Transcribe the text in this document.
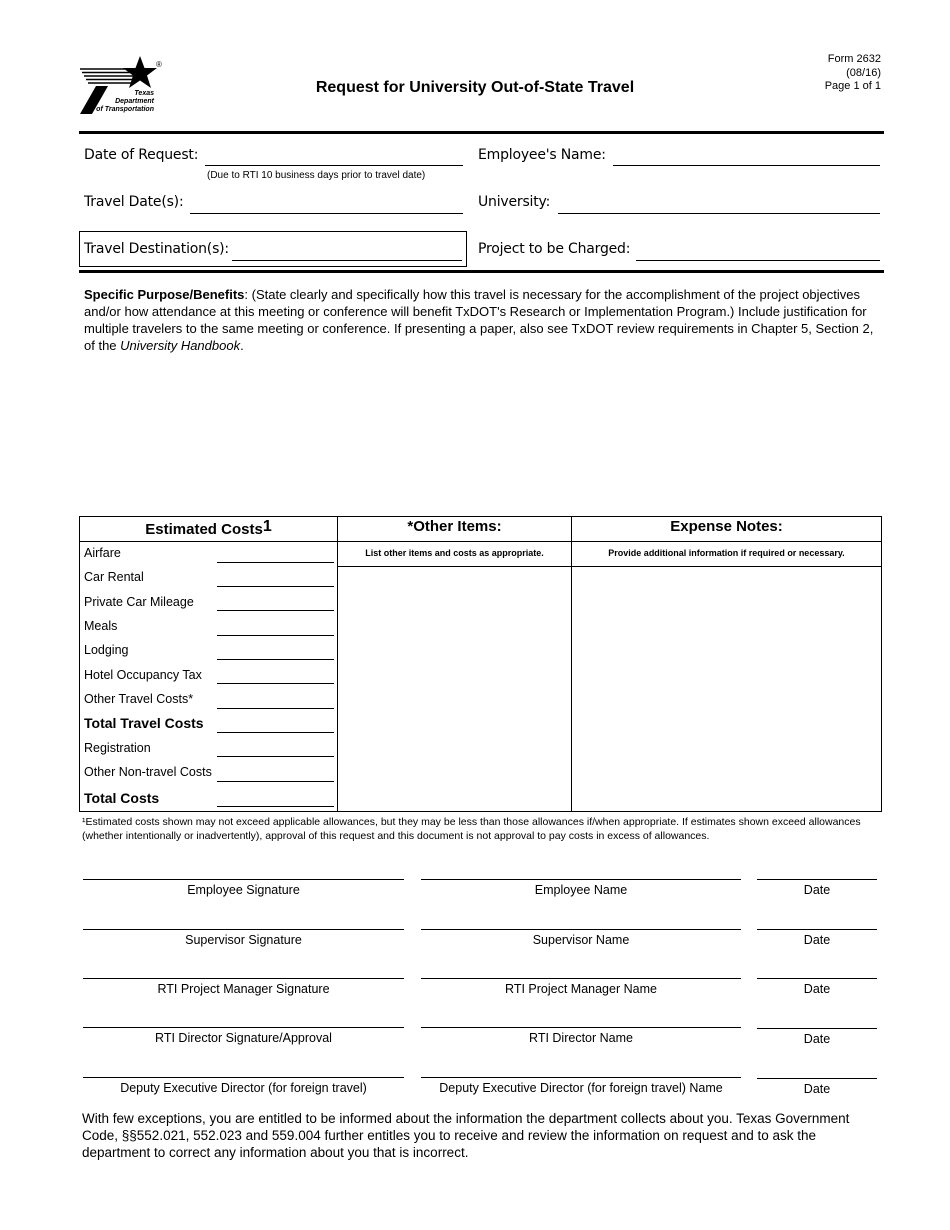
®
Texas
Department
of Transportation
Request for University Out-of-State Travel
Form 2632
(08/16)
Page 1 of 1
Date of Request:
(Due to RTI 10 business days prior to travel date)
Employee's Name:
Travel Date(s):	University:
Travel Destination(s):	Project to be Charged:
Specific Purpose/Benefits: (State clearly and specifically how this travel is necessary for the accomplishment of the project objectives and/or how attendance at this meeting or conference will benefit TxDOT's Research or Implementation Program.) Include justification for multiple travelers to the same meeting or conference. If presenting a paper, also see TxDOT review requirements in Chapter 5, Section 2, of the University Handbook.
Estimated Costs$^1$	*Other Items:	Expense Notes:
List other items and costs as appropriate.	Provide additional information if required or necessary.
Airfare
Car Rental
Private Car Mileage
Meals
Lodging
Hotel Occupancy Tax
Other Travel Costs*
Total Travel Costs
Registration
Other Non-travel Costs
Total Costs
¹Estimated costs shown may not exceed applicable allowances, but they may be less than those allowances if/when appropriate. If estimates shown exceed allowances (whether intentionally or inadvertently), approval of this request and this document is not approval to pay costs in excess of allowances.
Employee Signature	Employee Name	Date
Supervisor Signature	Supervisor Name	Date
RTI Project Manager Signature	RTI Project Manager Name	Date
RTI Director Signature/Approval	RTI Director Name	Date
Deputy Executive Director (for foreign travel)	Deputy Executive Director (for foreign travel) Name	Date
With few exceptions, you are entitled to be informed about the information the department collects about you. Texas Government Code, §§552.021, 552.023 and 559.004 further entitles you to receive and review the information on request and to ask the department to correct any information about you that is incorrect.
